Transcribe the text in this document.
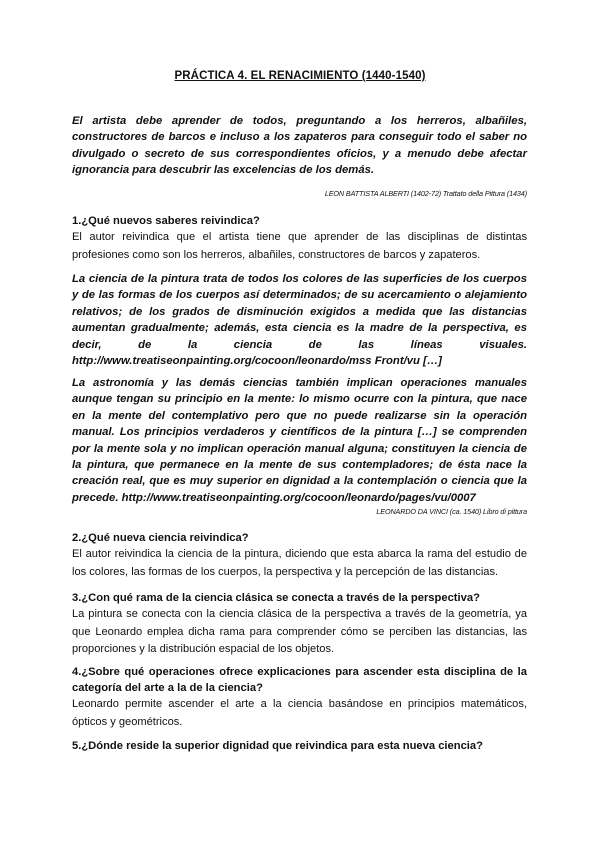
PRÁCTICA 4. EL RENACIMIENTO (1440-1540)
El artista debe aprender de todos, preguntando a los herreros, albañiles, constructores de barcos e incluso a los zapateros para conseguir todo el saber no divulgado o secreto de sus correspondientes oficios, y a menudo debe afectar ignorancia para descubrir las excelencias de los demás.
LEON BATTISTA ALBERTI (1402-72) Trattato della Pittura (1434)
1.¿Qué nuevos saberes reivindica?

El autor reivindica que el artista tiene que aprender de las disciplinas de distintas profesiones como son los herreros, albañiles, constructores de barcos y zapateros.

La ciencia de la pintura trata de todos los colores de las superficies de los cuerpos y de las formas de los cuerpos así determinados; de su acercamiento o alejamiento relativos; de los grados de disminución exigidos a medida que las distancias aumentan gradualmente; además, esta ciencia es la madre de la perspectiva, es decir, de la ciencia de las líneas visuales. http://www.treatiseonpainting.org/cocoon/leonardo/mss Front/vu […]
La astronomía y las demás ciencias también implican operaciones manuales aunque tengan su principio en la mente: lo mismo ocurre con la pintura, que nace en la mente del contemplativo pero que no puede realizarse sin la operación manual. Los principios verdaderos y científicos de la pintura […] se comprenden por la mente sola y no implican operación manual alguna; constituyen la ciencia de la pintura, que permanece en la mente de sus contempladores; de ésta nace la creación real, que es muy superior en dignidad a la contemplación o ciencia que la precede. http://www.treatiseonpainting.org/cocoon/leonardo/pages/vu/0007
LEONARDO DA VINCI (ca. 1540) Libro di pittura
2.¿Qué nueva ciencia reivindica?

El autor reivindica la ciencia de la pintura, diciendo que esta abarca la rama del estudio de los colores, las formas de los cuerpos, la perspectiva y la percepción de las distancias.

3.¿Con qué rama de la ciencia clásica se conecta a través de la perspectiva?

La pintura se conecta con la ciencia clásica de la perspectiva a través de la geometría, ya que Leonardo emplea dicha rama para comprender cómo se perciben las distancias, las proporciones y la distribución espacial de los objetos.

4.¿Sobre qué operaciones ofrece explicaciones para ascender esta disciplina de la categoría del arte a la de la ciencia?

Leonardo permite ascender el arte a la ciencia basándose en principios matemáticos, ópticos y geométricos.

5.¿Dónde reside la superior dignidad que reivindica para esta nueva ciencia?
